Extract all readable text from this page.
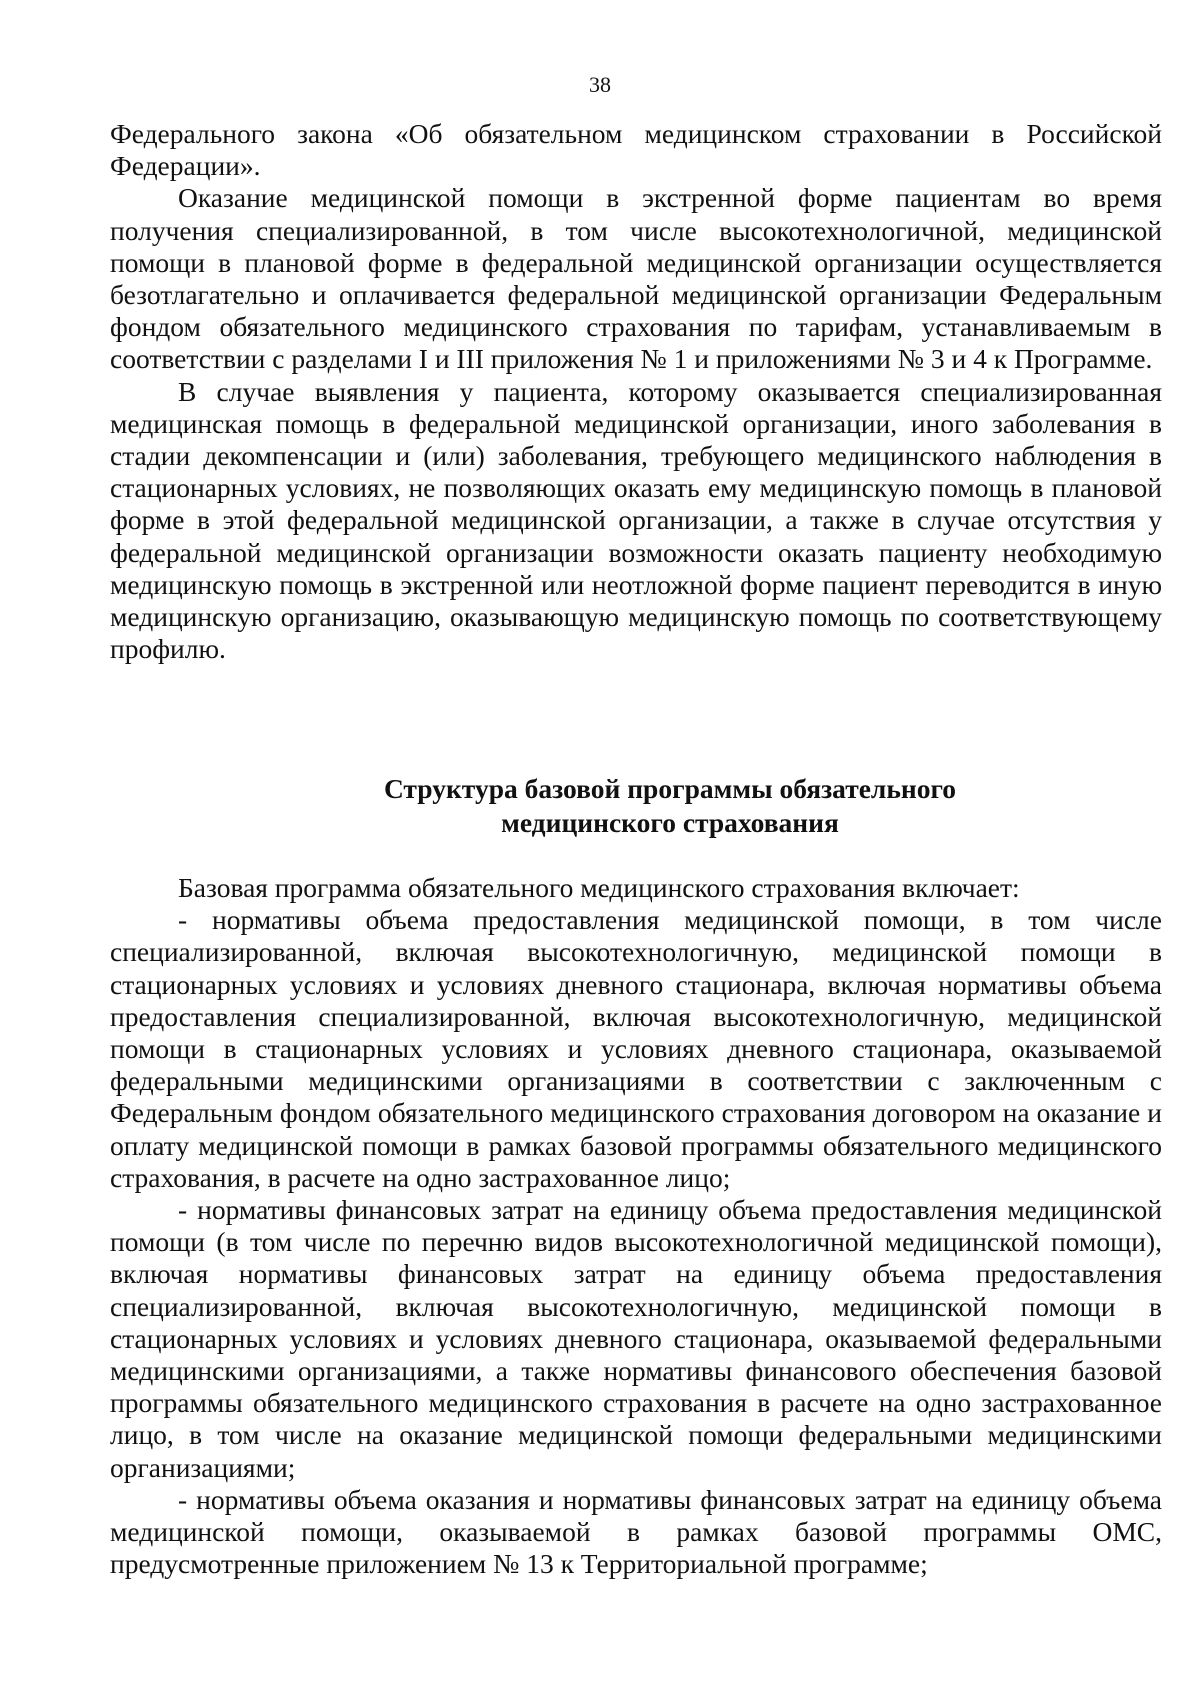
38

Федерального закона «Об обязательном медицинском страховании в Российской Федерации».

Оказание медицинской помощи в экстренной форме пациентам во время получения специализированной, в том числе высокотехнологичной, медицинской помощи в плановой форме в федеральной медицинской организации осуществляется безотлагательно и оплачивается федеральной медицинской организации Федеральным фондом обязательного медицинского страхования по тарифам, устанавливаемым в соответствии с разделами I и III приложения № 1 и приложениями № 3 и 4 к Программе.

В случае выявления у пациента, которому оказывается специализированная медицинская помощь в федеральной медицинской организации, иного заболевания в стадии декомпенсации и (или) заболевания, требующего медицинского наблюдения в стационарных условиях, не позволяющих оказать ему медицинскую помощь в плановой форме в этой федеральной медицинской организации, а также в случае отсутствия у федеральной медицинской организации возможности оказать пациенту необходимую медицинскую помощь в экстренной или неотложной форме пациент переводится в иную медицинскую организацию, оказывающую медицинскую помощь по соответствующему профилю.

Структура базовой программы обязательного
медицинского страхования

Базовая программа обязательного медицинского страхования включает:

- нормативы объема предоставления медицинской помощи, в том числе специализированной, включая высокотехнологичную, медицинской помощи в стационарных условиях и условиях дневного стационара, включая нормативы объема предоставления специализированной, включая высокотехнологичную, медицинской помощи в стационарных условиях и условиях дневного стационара, оказываемой федеральными медицинскими организациями в соответствии с заключенным с Федеральным фондом обязательного медицинского страхования договором на оказание и оплату медицинской помощи в рамках базовой программы обязательного медицинского страхования, в расчете на одно застрахованное лицо;

- нормативы финансовых затрат на единицу объема предоставления медицинской помощи (в том числе по перечню видов высокотехнологичной медицинской помощи), включая нормативы финансовых затрат на единицу объема предоставления специализированной, включая высокотехнологичную, медицинской помощи в стационарных условиях и условиях дневного стационара, оказываемой федеральными медицинскими организациями, а также нормативы финансового обеспечения базовой программы обязательного медицинского страхования в расчете на одно застрахованное лицо, в том числе на оказание медицинской помощи федеральными медицинскими организациями;

- нормативы объема оказания и нормативы финансовых затрат на единицу объема медицинской помощи, оказываемой в рамках базовой программы ОМС, предусмотренные приложением № 13 к Территориальной программе;
